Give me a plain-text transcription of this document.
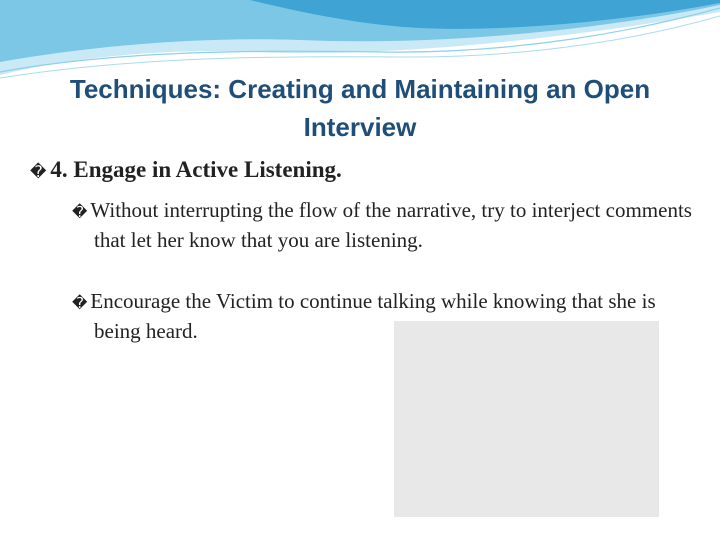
Techniques: Creating and Maintaining an Open
Interview
� 4. Engage in Active Listening.
� Without interrupting the flow of the narrative, try to interject comments that let her know that you are listening.
� Encourage the Victim to continue talking while knowing that she is being heard.
